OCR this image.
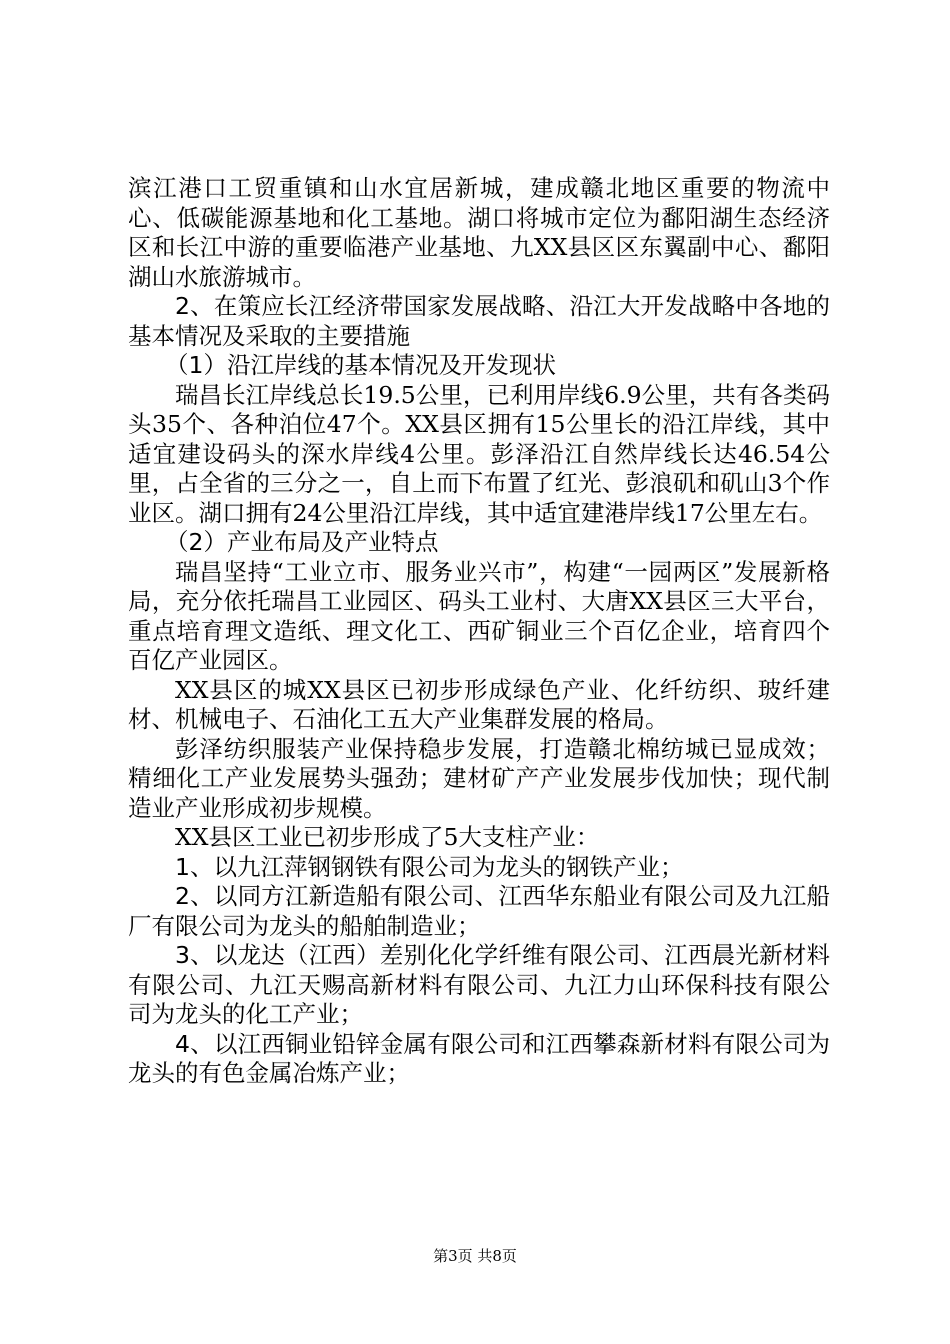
滨江港口工贸重镇和山水宜居新城，建成赣北地区重要的物流中心、低碳能源基地和化工基地。湖口将城市定位为鄱阳湖生态经济区和长江中游的重要临港产业基地、九XX县区区东翼副中心、鄱阳湖山水旅游城市。

2、在策应长江经济带国家发展战略、沿江大开发战略中各地的基本情况及采取的主要措施

（1）沿江岸线的基本情况及开发现状

瑞昌长江岸线总长19.5公里，已利用岸线6.9公里，共有各类码头35个、各种泊位47个。XX县区拥有15公里长的沿江岸线，其中适宜建设码头的深水岸线4公里。彭泽沿江自然岸线长达46.54公里，占全省的三分之一，自上而下布置了红光、彭浪矶和矶山3个作业区。湖口拥有24公里沿江岸线，其中适宜建港岸线17公里左右。

（2）产业布局及产业特点

瑞昌坚持“工业立市、服务业兴市”，构建“一园两区”发展新格局，充分依托瑞昌工业园区、码头工业村、大唐XX县区三大平台，重点培育理文造纸、理文化工、西矿铜业三个百亿企业，培育四个百亿产业园区。

XX县区的城XX县区已初步形成绿色产业、化纤纺织、玻纤建材、机械电子、石油化工五大产业集群发展的格局。

彭泽纺织服装产业保持稳步发展，打造赣北棉纺城已显成效；精细化工产业发展势头强劲；建材矿产产业发展步伐加快；现代制造业产业形成初步规模。

XX县区工业已初步形成了5大支柱产业：

1、以九江萍钢钢铁有限公司为龙头的钢铁产业；

2、以同方江新造船有限公司、江西华东船业有限公司及九江船厂有限公司为龙头的船舶制造业；

3、以龙达（江西）差别化化学纤维有限公司、江西晨光新材料有限公司、九江天赐高新材料有限公司、九江力山环保科技有限公司为龙头的化工产业；

4、以江西铜业铅锌金属有限公司和江西攀森新材料有限公司为龙头的有色金属冶炼产业；

第3页 共8页
